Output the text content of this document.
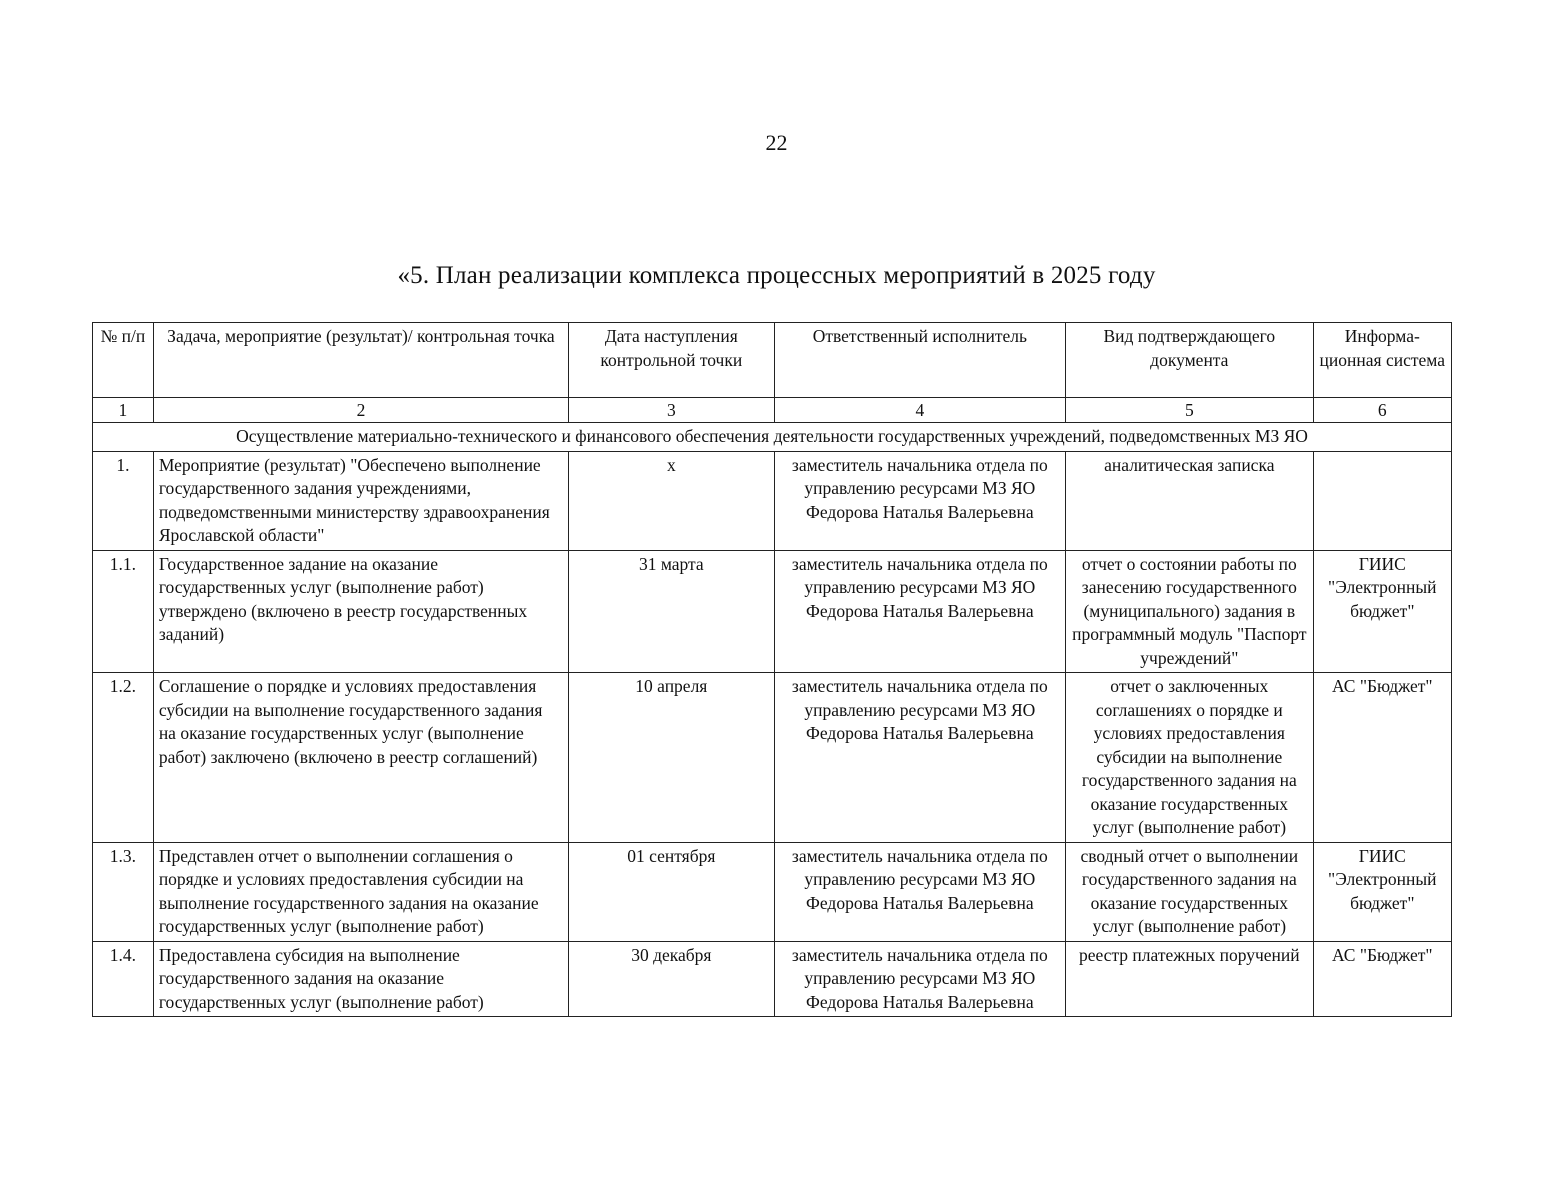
22
«5. План реализации комплекса процессных мероприятий в 2025 году
№ п/п	Задача, мероприятие (результат)/ контрольная точка	Дата наступления контрольной точки	Ответственный исполнитель	Вид подтверждающего документа	Информа-ционная система
1	2	3	4	5	6
Осуществление материально-технического и финансового обеспечения деятельности государственных учреждений, подведомственных МЗ ЯО					
1.	Мероприятие (результат) "Обеспечено выполнение государственного задания учреждениями, подведомственными министерству здравоохранения Ярославской области"	х	заместитель начальника отдела по управлению ресурсами МЗ ЯО Федорова Наталья Валерьевна	аналитическая записка	
1.1.	Государственное задание на оказание государственных услуг (выполнение работ) утверждено (включено в реестр государственных заданий)	31 марта	заместитель начальника отдела по управлению ресурсами МЗ ЯО Федорова Наталья Валерьевна	отчет о состоянии работы по занесению государственного (муниципального) задания в программный модуль "Паспорт учреждений"	ГИИС "Электронный бюджет"
1.2.	Соглашение о порядке и условиях предоставления субсидии на выполнение государственного задания на оказание государственных услуг (выполнение работ) заключено (включено в реестр соглашений)	10 апреля	заместитель начальника отдела по управлению ресурсами МЗ ЯО Федорова Наталья Валерьевна	отчет о заключенных соглашениях о порядке и условиях предоставления субсидии на выполнение государственного задания на оказание государственных услуг (выполнение работ)	АС "Бюджет"
1.3.	Представлен отчет о выполнении соглашения о порядке и условиях предоставления субсидии на выполнение государственного задания на оказание государственных услуг (выполнение работ)	01 сентября	заместитель начальника отдела по управлению ресурсами МЗ ЯО Федорова Наталья Валерьевна	сводный отчет о выполнении государственного задания на оказание государственных услуг (выполнение работ)	ГИИС "Электронный бюджет"
1.4.	Предоставлена субсидия на выполнение государственного задания на оказание государственных услуг (выполнение работ)	30 декабря	заместитель начальника отдела по управлению ресурсами МЗ ЯО Федорова Наталья Валерьевна	реестр платежных поручений	АС "Бюджет"
